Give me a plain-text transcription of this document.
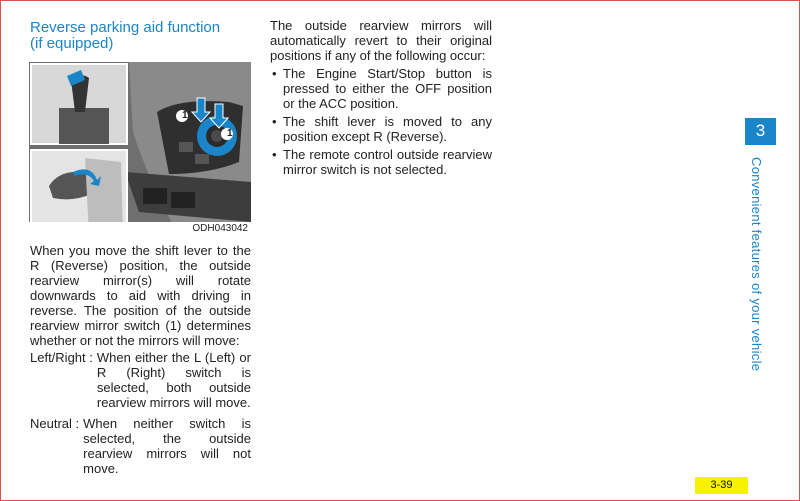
Reverse parking aid function
(if equipped)
1
1
ODH043042

When you move the shift lever to the R (Reverse) position, the outside rearview mirror(s) will rotate downwards to aid with driving in reverse. The position of the outside rearview mirror switch (1) determines whether or not the mirrors will move:

Left/Right : When either the L (Left) or R (Right) switch is selected, both outside rearview mirrors will move.
Neutral : When neither switch is selected, the outside rearview mirrors will not move.

The outside rearview mirrors will automatically revert to their original positions if any of the following occur:

• The Engine Start/Stop button is pressed to either the OFF position or the ACC position.
• The shift lever is moved to any position except R (Reverse).
• The remote control outside rearview mirror switch is not selected.
3
Convenient features of your vehicle
3-39
